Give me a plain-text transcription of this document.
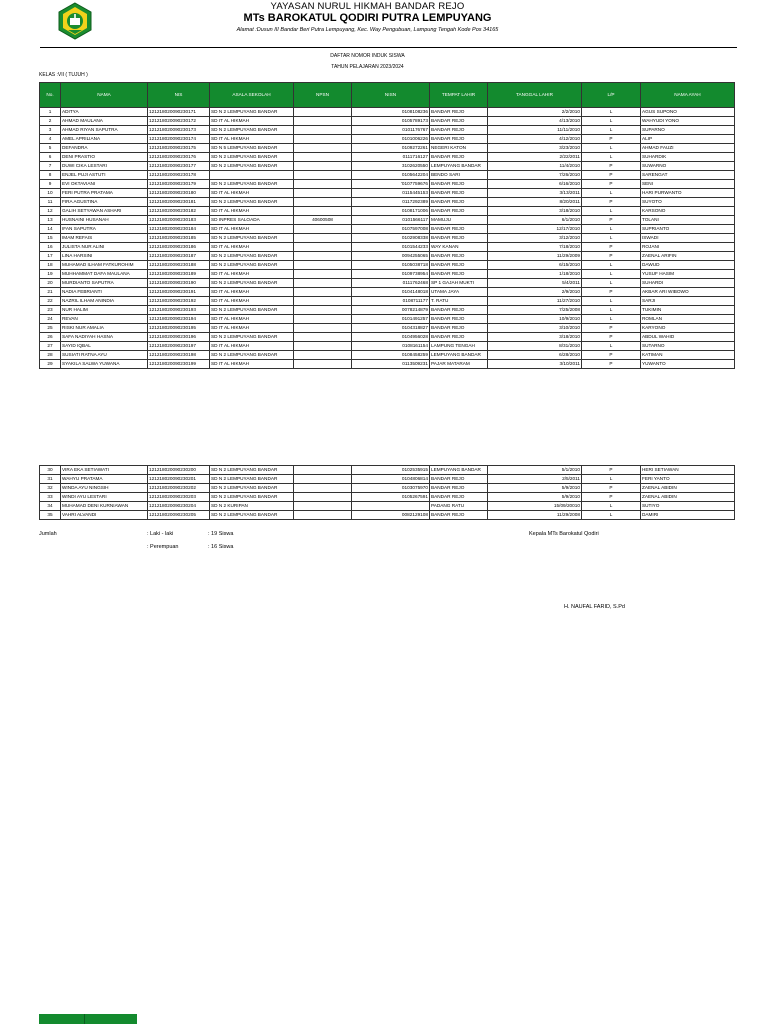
YAYASAN NURUL HIKMAH BANDAR REJO
MTs BAROKATUL QODIRI PUTRA LEMPUYANG
Alamat :Dusun III Bandar Beri Putra Lempuyang, Kec. Way Pengubuan, Lampung Tengah Kode Pos 34165
DAFTAR NOMOR INDUK SISWA
TAHUN PELAJARAN 2023/2024
KELAS :VII ( TUJUH )
No.	NAMA	NIS	ASALA SEKOLAH	NPSN	NISN	TEMPAT LAHIR	TANGGAL LAHIR	L/P	NAMA AYAH
1	ADITYA	121218020090230171	SD N 2 LEMPUYANG BANDAR		0108108236	BANDAR REJO	2/2/2010	L	AGUS SUPONO
2	AHMAD MAULANA	121218020090230172	SD IT AL HIKMAH		0105789173	BANDAR REJO	4/13/2010	L	WAHYUDI YONO
3	AHMAD RIYAN SAPUTRA	121218020090230173	SD N 2 LEMPUYANG BANDAR		0101176767	BANDAR REJO	11/11/2010	L	SUPARNO
4	AMEL APRILIANA	121218020090230174	SD IT AL HIKMAH		0101006226	BANDAR REJO	4/12/2010	P	ALIP
5	DEFANDRA	121218020090230175	SD N 5 LEMPUYANG BANDAR		0109272261	NEGERI KATON	3/23/2010	L	AHMAD FAUZI
6	DENI PRASTIO	121218020090230176	SD N 2 LEMPUYANG BANDAR		0111716127	BANDAR REJO	2/22/2011	L	SUHARDIK
7	DUWI CIKA LESTARI	121218020090230177	SD N 2 LEMPUYANG BANDAR		3102620550	LEMPUYANG BANDAR	11/4/2010	P	SUWARNO
8	ENJEL PUJI ASTUTI	121218020090230178			0105642204	BENDO SARI	7/26/2010	P	SARENGAT
9	EVI OKTAVIANI	121218020090230179	SD N 2 LEMPUYANG BANDAR		'0107759676	BANDAR REJO	6/16/2010	P	SENI
10	FERI PUTRA PRATAMA	121218020090230180	SD IT AL HIKMAH		0115445153	BANDAR REJO	3/13/2011	L	HARI PURWANTO
11	FIRA AGUSTINA	121218020090230181	SD N 2 LEMPUYANG BANDAR		0117292389	BANDAR REJO	8/20/2011	P	SUYOTO
12	GALIH SETYAWAN ASHARI	121218020090230182	SD IT AL HIKMAH		0108171006	BANDAR REJO	3/18/2010	L	KARSONO
13	HUSNAINI HUSANAH	121218020090230183	SD INPRES SALOADA	40600508	0101566117	MAMUJU	6/1/2010	P	TOLANI
14	IFAN SAPUTRA	121218020090230184	SD IT AL HIKMAH		0107597008	BANDAR REJO	12/17/2010	L	SUPRIANTO
15	IMAM REFAIS	121218020090230185	SD N 2 LEMPUYANG BANDAR		0102908338	BANDAR REJO	3/12/2010	L	ISWADI
16	JULISTA NUR ALINI	121218020090230186	SD IT AL HIKMAH		0101544233	WAY KANAN	7/18/2010	P	ROJANI
17	LINA HARSINI	121218020090230187	SD N 2 LEMPUYANG BANDAR		0094255065	BANDAR REJO	11/29/2009	P	ZAENAL ARIFIN
18	MUHAMAD ILHAM FATKUROHIM	121218020090230188	SD N 2 LEMPUYANG BANDAR		0105038718	BANDAR REJO	6/15/2010	L	DAWUD
19	MUHHAMMAT DAFA MAULANA	121218020090230189	SD IT AL HIKMAH		0109738954	BANDAR REJO	1/18/2010	L	YUSUF HASIM
20	MURDIANTO SAPUTRA	121218020090230190	SD N 2 LEMPUYANG BANDAR		0111762468	SP 1 GAJAH MUKTI	5/4/2011	L	SUHARDI
21	NADIA FEBRIANTI	121218020090230191	SD IT AL HIKMAH		0104148018	UTAMA JAYA	2/9/2010	P	AKBAR ARI WIBOWO
22	NAZRIL ILHAM ANINDIA	121218020090230192	SD IT AL HIKMAH		0108711177	T. RATU	11/27/2010	L	SARJI
23	NUR HALIM	121218020090230193	SD N 2 LEMPUYANG BANDAR		0078214879	BANDAR REJO	7/25/2008	L	TUKIMIN
24	REVAN	121218020090230194	SD IT AL HIKMAH		0101491257	BANDAR REJO	10/9/2010	L	ROMLAN
25	RISKI NUR AMALIA	121218020090230195	SD IT AL HIKMAH		0104318827	BANDAR REJO	3/10/2010	P	KARYONO
26	SAFA NADIYAH HASNA	121218020090230196	SD N 2 LEMPUYANG BANDAR		0104956028	BANDAR REJO	3/18/2010	P	ABDUL WAHID
27	SAYID IQBAL	121218020090230197	SD IT AL HIKMAH		0108161154	LAMPUNG TENGAH	8/31/2010	L	SUTARNO
28	SUSIATI RATNA AYU	121218020090230198	SD N 2 LEMPUYANG BANDAR		0108458259	LEMPUYANG BANDAR	6/28/2010	P	KATIMAN
29	SYAKILA SALWA YUWANA	121218020090230199	SD IT AL HIKMAH		0113509231	PAJAR MATARAM	3/10/2011	P	YUWANTO
30	VIRA EKA SETIAWATI	121218020090230200	SD N 2 LEMPUYANG BANDAR		0102535915	LEMPUYANG BANDAR	5/1/2010	P	HERI SETIAWAN
31	WAHYU PRATAMA	121218020090230201	SD N 2 LEMPUYANG BANDAR		0104806814	BANDAR REJO	2/5/2011	L	FERI YANTO
32	WINDA AYU NINGSIH	121218020090230202	SD N 2 LEMPUYANG BANDAR		0103075970	BANDAR REJO	5/9/2010	P	ZAENAL ABIDIN
33	WINDI AYU LESTARI	121218020090230203	SD N 2 LEMPUYANG BANDAR		0105267591	BANDAR REJO	5/9/2010	P	ZAENAL ABIDIN
34	MUHAMAD DENI KURNIAWAN	121218020090230204	SD N 2 KURIPAN			PADANG RATU	15/09/20010	L	SUTIYO
35	VAHRI ALVANDI	121218020090230205	SD N 2 LEMPUYANG BANDAR		0082129108	BANDAR REJO	11/29/2008	L	DAMIRI
Jumlah	: Laki - laki	: 19 Siswa
: Perempuan	: 16 Siswa
Kepala MTs Barokatul Qodiri
H. NAUFAL FARID, S.Pd
